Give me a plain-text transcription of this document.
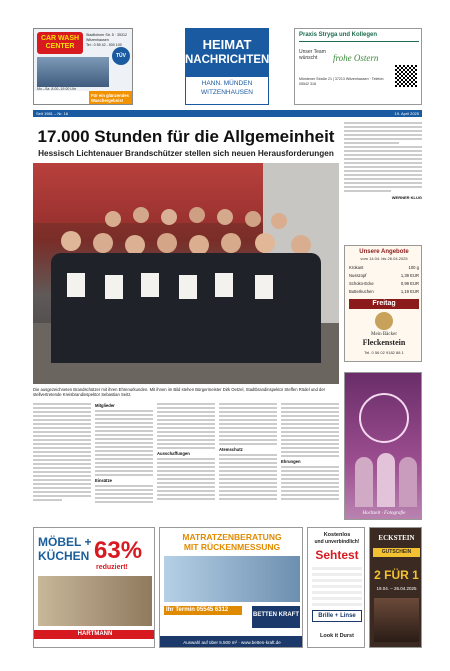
CAR WASH CENTER
Stadtlohner Str. 5 · 35312 Witzenhausen
Tel.: 0 55 42 - 500 100
TÜV
Mo.–Sa. 8.00–19.00 Uhr
Für ein glänzendes Waschergebnis!
HEIMAT
NACHRICHTEN
HANN. MÜNDEN
WITZENHAUSEN
Praxis Stryga und Kollegen
Unser Team
wünscht	frohe Ostern
Mündener Straße 21 | 37213 Witzenhausen · Telefon: 05542 318
Seit 1981 – Nr. 16	19. April 2025
17.000 Stunden für die Allgemeinheit
Hessisch Lichtenauer Brandschützer stellen sich neuen Herausforderungen
WERNER KLUG
Die ausgezeichneten Brandschützer mit ihren Ehrenurkunden. Mit ihnen im Bild stehen Bürgermeister Dirk Oetzel, Stadtbrandinspektor Steffen Rödel und der stellvertretende Kreisbrandinspektor Sebastian Seitz.
Mitglieder
Einsätze
Ausschaffungen
Atemschutz
Ehrungen
Unsere Angebote
vom 14.04. bis 26.04.2025
Krokant
Nusszopf
Schoko-Ecke
Butterkuchen
100 g
1,39 EUR
0,99 EUR
1,19 EUR
Freitag
Mein Bäcker
Fleckenstein
Tel. 0 56 02 9182 88 1
Hochzeit · Fotografie
MÖBEL +
KÜCHEN 63%
reduziert!
HARTMANN
MATRATZENBERATUNG
MIT RÜCKENMESSUNG
Ihr Termin 05545 6312
BETTEN KRAFT
Auswahl auf über 5.500 m² · www.betten-kraft.de
Kostenlos
und unverbindlich!
Sehtest
Brille + Linse
Look it Durst
ECKSTEIN
GUTSCHEIN
2 FÜR 1
19.04. – 26.04.2025
